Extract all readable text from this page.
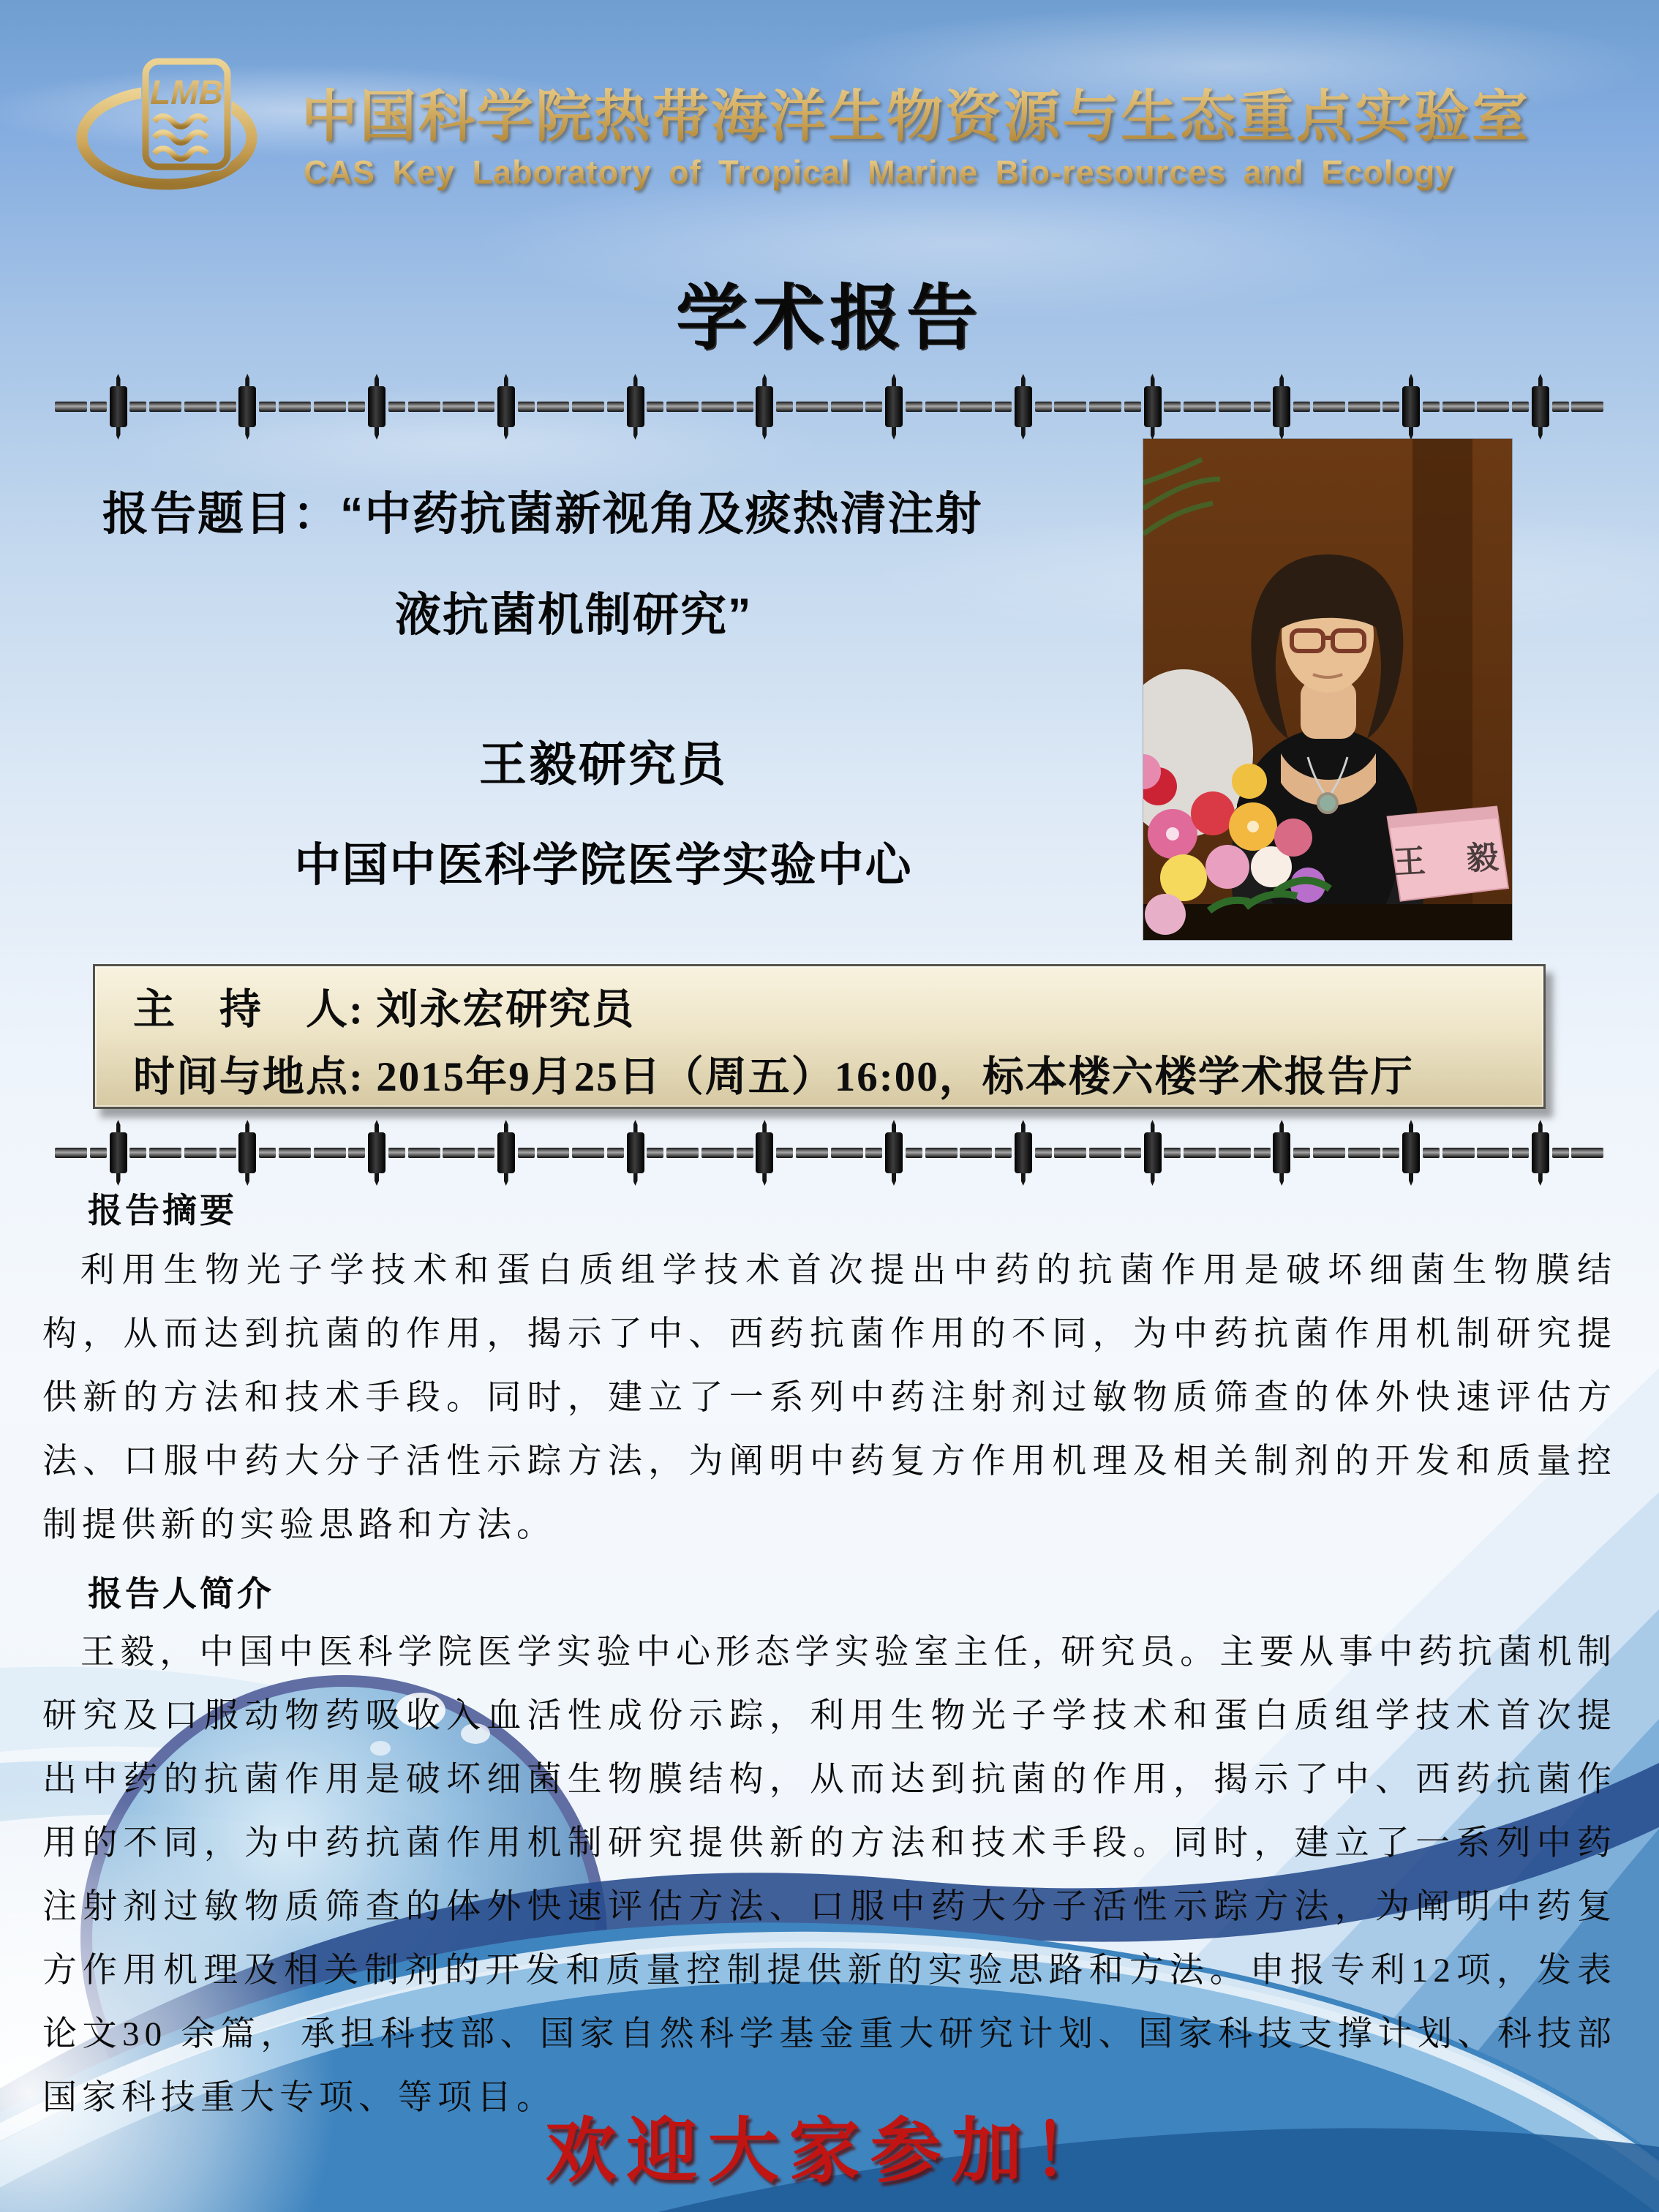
LMB 中国科学院热带海洋生物资源与生态重点实验室
CAS Key Laboratory of Tropical Marine Bio-resources and Ecology
学术报告
报告题目：“中药抗菌新视角及痰热清注射
液抗菌机制研究”
王毅研究员
中国中医科学院医学实验中心	王　毅
主　持　人: 刘永宏研究员
时间与地点: 2015年9月25日（周五）16:00，标本楼六楼学术报告厅
报告摘要
利用生物光子学技术和蛋白质组学技术首次提出中药的抗菌作用是破坏细菌生物膜结构，从而达到抗菌的作用，揭示了中、西药抗菌作用的不同，为中药抗菌作用机制研究提供新的方法和技术手段。同时，建立了一系列中药注射剂过敏物质筛查的体外快速评估方法、口服中药大分子活性示踪方法，为阐明中药复方作用机理及相关制剂的开发和质量控制提供新的实验思路和方法。
报告人简介
王毅，中国中医科学院医学实验中心形态学实验室主任, 研究员。主要从事中药抗菌机制研究及口服动物药吸收入血活性成份示踪，利用生物光子学技术和蛋白质组学技术首次提出中药的抗菌作用是破坏细菌生物膜结构，从而达到抗菌的作用，揭示了中、西药抗菌作用的不同，为中药抗菌作用机制研究提供新的方法和技术手段。同时，建立了一系列中药注射剂过敏物质筛查的体外快速评估方法、口服中药大分子活性示踪方法，为阐明中药复方作用机理及相关制剂的开发和质量控制提供新的实验思路和方法。申报专利12项，发表论文30 余篇，承担科技部、国家自然科学基金重大研究计划、国家科技支撑计划、科技部国家科技重大专项、等项目。
欢迎大家参加！
